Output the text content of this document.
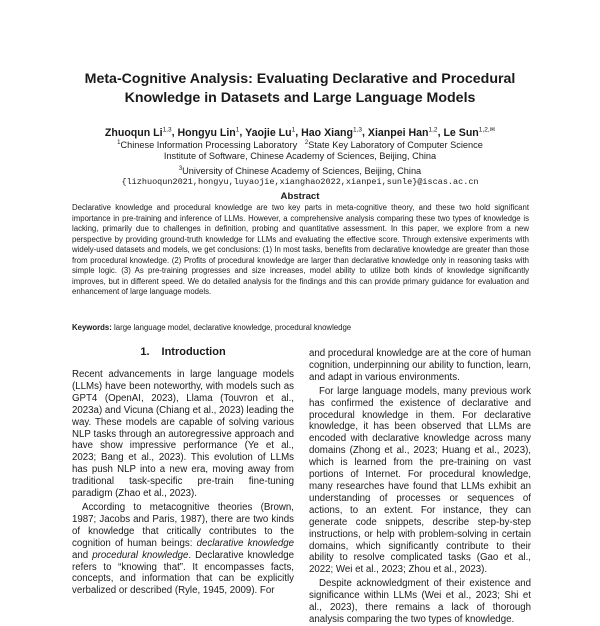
Meta-Cognitive Analysis: Evaluating Declarative and Procedural
Knowledge in Datasets and Large Language Models
Zhuoqun Li$^{1,3}$, Hongyu Lin$^1$, Yaojie Lu$^1$, Hao Xiang$^{1,3}$, Xianpei Han$^{1,2}$, Le Sun$^{1,2,✉}$
$^1$Chinese Information Processing Laboratory $^2$State Key Laboratory of Computer Science
Institute of Software, Chinese Academy of Sciences, Beijing, China
$^3$University of Chinese Academy of Sciences, Beijing, China
{lizhuoqun2021,hongyu,luyaojie,xianghao2022,xianpei,sunle}@iscas.ac.cn
Abstract
Declarative knowledge and procedural knowledge are two key parts in meta-cognitive theory, and these two hold significant importance in pre-training and inference of LLMs. However, a comprehensive analysis comparing these two types of knowledge is lacking, primarily due to challenges in definition, probing and quantitative assessment. In this paper, we explore from a new perspective by providing ground-truth knowledge for LLMs and evaluating the effective score. Through extensive experiments with widely-used datasets and models, we get conclusions: (1) In most tasks, benefits from declarative knowledge are greater than those from procedural knowledge. (2) Profits of procedural knowledge are larger than declarative knowledge only in reasoning tasks with simple logic. (3) As pre-training progresses and size increases, model ability to utilize both kinds of knowledge significantly improves, but in different speed. We do detailed analysis for the findings and this can provide primary guidance for evaluation and enhancement of large language models.
Keywords: large language model, declarative knowledge, procedural knowledge
1. Introduction

Recent advancements in large language models (LLMs) have been noteworthy, with models such as GPT4 (OpenAI, 2023), Llama (Touvron et al., 2023a) and Vicuna (Chiang et al., 2023) leading the way. These models are capable of solving various NLP tasks through an autoregressive approach and have show impressive performance (Ye et al., 2023; Bang et al., 2023). This evolution of LLMs has push NLP into a new era, moving away from traditional task-specific pre-train fine-tuning paradigm (Zhao et al., 2023).

According to metacognitive theories (Brown, 1987; Jacobs and Paris, 1987), there are two kinds of knowledge that critically contributes to the cognition of human beings: declarative knowledge and procedural knowledge. Declarative knowledge refers to “knowing that”. It encompasses facts, concepts, and information that can be explicitly verbalized or described (Ryle, 1945, 2009). For

and procedural knowledge are at the core of human cognition, underpinning our ability to function, learn, and adapt in various environments.

For large language models, many previous work has confirmed the existence of declarative and procedural knowledge in them. For declarative knowledge, it has been observed that LLMs are encoded with declarative knowledge across many domains (Zhong et al., 2023; Huang et al., 2023), which is learned from the pre-training on vast portions of Internet. For procedural knowledge, many researches have found that LLMs exhibit an understanding of processes or sequences of actions, to an extent. For instance, they can generate code snippets, describe step-by-step instructions, or help with problem-solving in certain domains, which significantly contribute to their ability to resolve complicated tasks (Gao et al., 2022; Wei et al., 2023; Zhou et al., 2023).

Despite acknowledgment of their existence and significance within LLMs (Wei et al., 2023; Shi et al., 2023), there remains a lack of thorough analysis comparing the two types of knowledge.
